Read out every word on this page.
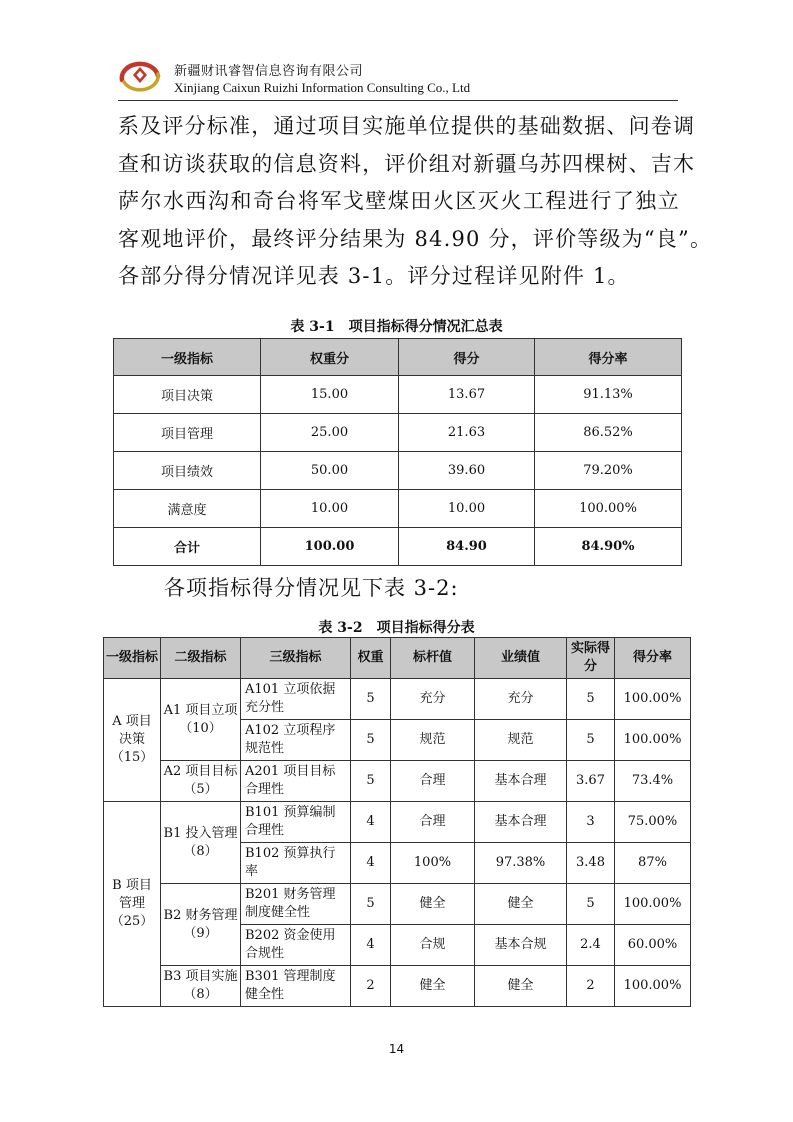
新疆财讯睿智信息咨询有限公司
Xinjiang Caixun Ruizhi Information Consulting Co., Ltd

系及评分标准，通过项目实施单位提供的基础数据、问卷调

查和访谈获取的信息资料，评价组对新疆乌苏四棵树、吉木

萨尔水西沟和奇台将军戈壁煤田火区灭火工程进行了独立

客观地评价，最终评分结果为 84.90 分，评价等级为“良”。

各部分得分情况详见表 3-1。评分过程详见附件 1。

表 3-1　项目指标得分情况汇总表
一级指标	权重分	得分	得分率
项目决策	15.00	13.67	91.13%
项目管理	25.00	21.63	86.52%
项目绩效	50.00	39.60	79.20%
满意度	10.00	10.00	100.00%
合计	100.00	84.90	84.90%
各项指标得分情况见下表 3-2:
表 3-2　项目指标得分表
一级指标	二级指标	三级指标	权重	标杆值	业绩值	实际得分	得分率
A 项目决策（15）	A1 项目立项（10）	A101 立项依据充分性	5	充分	充分	5	100.00%
		A102 立项程序规范性	5	规范	规范	5	100.00%
	A2 项目目标（5）	A201 项目目标合理性	5	合理	基本合理	3.67	73.4%
B 项目管理（25）	B1 投入管理（8）	B101 预算编制合理性	4	合理	基本合理	3	75.00%
		B102 预算执行率	4	100%	97.38%	3.48	87%
	B2 财务管理（9）	B201 财务管理制度健全性	5	健全	健全	5	100.00%
		B202 资金使用合规性	4	合规	基本合规	2.4	60.00%
	B3 项目实施（8）	B301 管理制度健全性	2	健全	健全	2	100.00%
14
